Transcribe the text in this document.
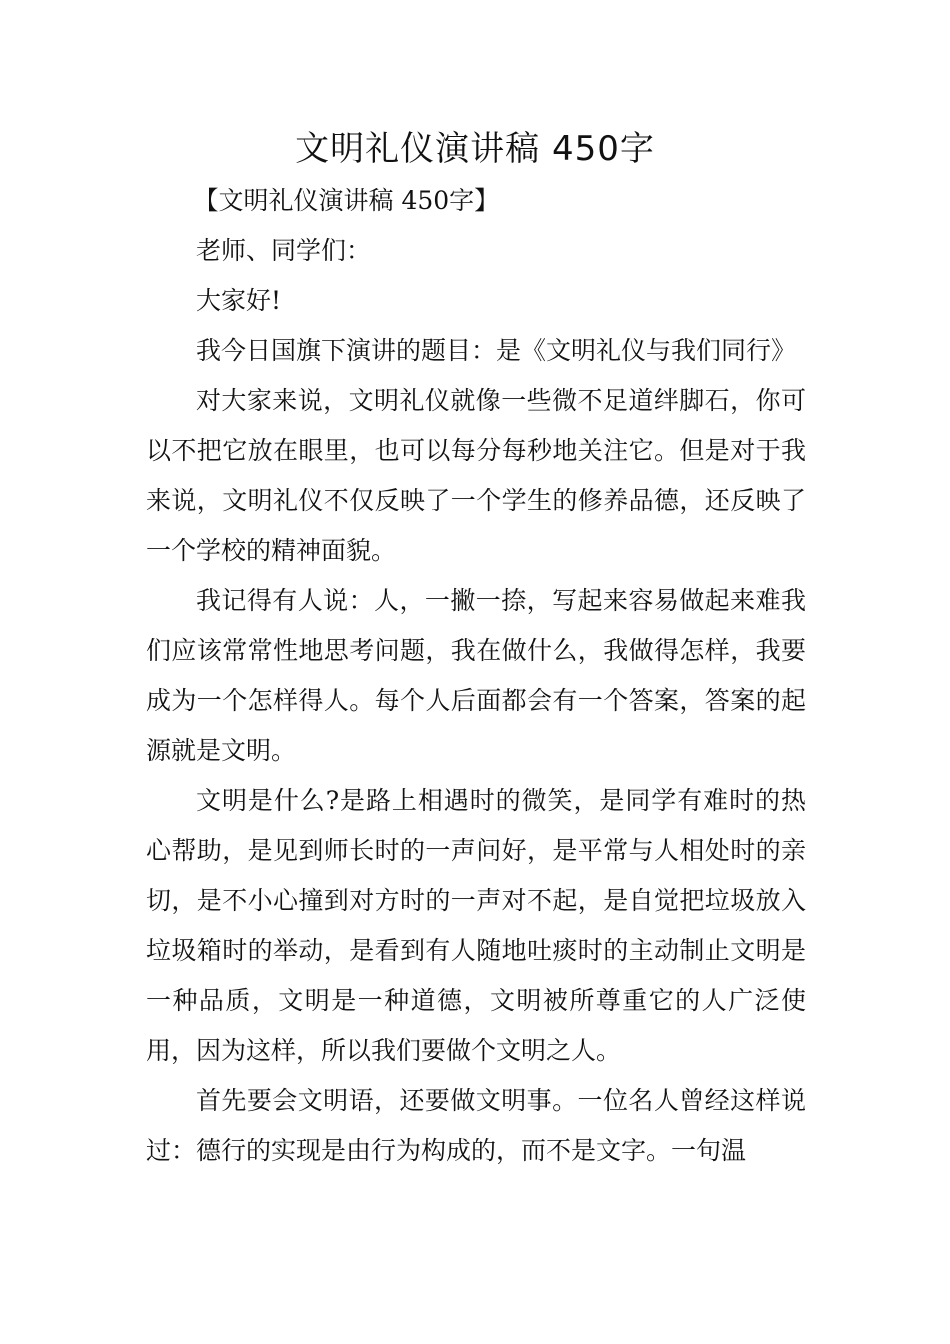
文明礼仪演讲稿 450字

【文明礼仪演讲稿 450字】

老师、同学们：

大家好!

我今日国旗下演讲的题目：是《文明礼仪与我们同行》

对大家来说，文明礼仪就像一些微不足道绊脚石，你可以不把它放在眼里，也可以每分每秒地关注它。但是对于我来说，文明礼仪不仅反映了一个学生的修养品德，还反映了一个学校的精神面貌。

我记得有人说：人，一撇一捺，写起来容易做起来难我们应该常常性地思考问题，我在做什么，我做得怎样，我要成为一个怎样得人。每个人后面都会有一个答案，答案的起源就是文明。

文明是什么?是路上相遇时的微笑，是同学有难时的热心帮助，是见到师长时的一声问好，是平常与人相处时的亲切，是不小心撞到对方时的一声对不起，是自觉把垃圾放入垃圾箱时的举动，是看到有人随地吐痰时的主动制止文明是一种品质，文明是一种道德，文明被所尊重它的人广泛使用，因为这样，所以我们要做个文明之人。

首先要会文明语，还要做文明事。一位名人曾经这样说过：德行的实现是由行为构成的，而不是文字。一句温
